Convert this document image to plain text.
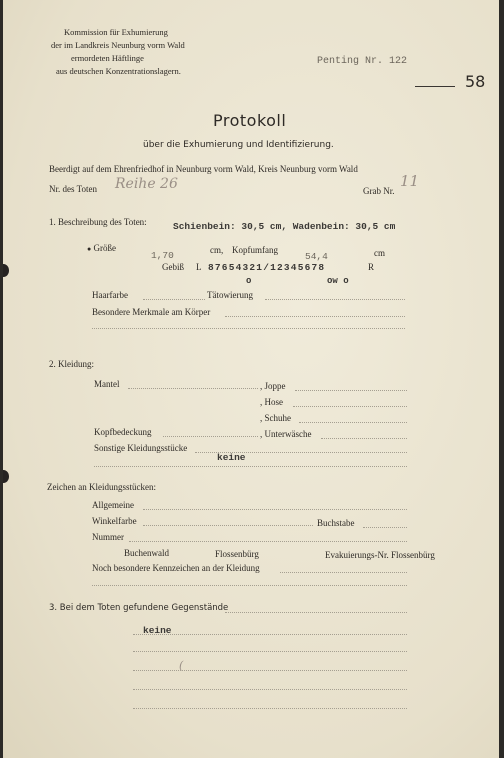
Kommission für Exhumierung
der im Landkreis Neunburg vorm Wald
ermordeten Häftlinge
aus deutschen Konzentrationslagern.
Penting Nr. 122
58
Protokoll
über die Exhumierung und Identifizierung.
Beerdigt auf dem Ehrenfriedhof in Neunburg vorm Wald, Kreis Neunburg vorm Wald
Nr. des Toten Reihe 26	Grab Nr.
11
1. Beschreibung des Toten:	Schienbein: 30,5 cm, Wadenbein: 30,5 cm
● Größe
1,70	cm, Kopfumfang
54,4	cm
Gebiß L 87654321/12345678	R
o	ow o
Haarfarbe	Tätowierung
Besondere Merkmale am Körper
2. Kleidung:
Mantel	, Joppe
, Hose
, Schuhe
Kopfbedeckung	, Unterwäsche
Sonstige Kleidungsstücke
keine
Zeichen an Kleidungsstücken:
Allgemeine
Winkelfarbe	Buchstabe
Nummer
Buchenwald	Flossenbürg	Evakuierungs-Nr. Flossenbürg
Noch besondere Kennzeichen an der Kleidung
3. Bei dem Toten gefundene Gegenstände
keine
(
